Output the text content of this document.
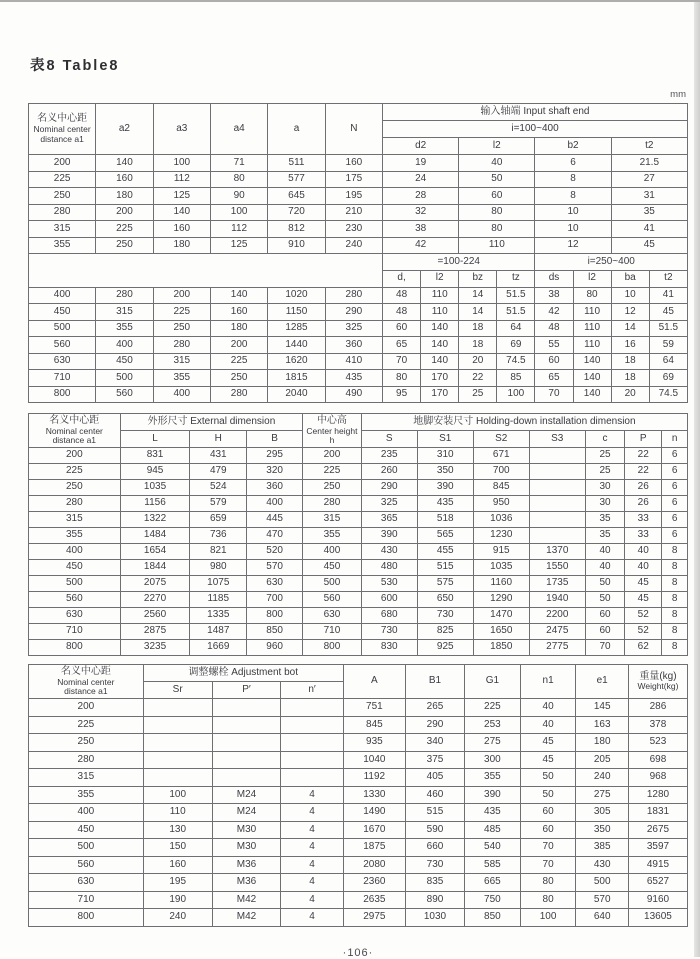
表8 Table8
mm
名义中心距
Nominal center
distance a1	a2	a3	a4	a	N	输入轴端 Input shaft end							
						i=100~400							
						d2		l2		b2		t2	
200	140	100	71	511	160	19		40		6		21.5	
225	160	112	80	577	175	24		50		8		27	
250	180	125	90	645	195	28		60		8		31	
280	200	140	100	720	210	32		80		10		35	
315	225	160	112	812	230	38		80		10		41	
355	250	180	125	910	240	42		110		12		45	
						=100-224				i=250~400			
						d,	l2	bz	tz	ds	l2	ba	t2
400	280	200	140	1020	280	48	110	14	51.5	38	80	10	41
450	315	225	160	1150	290	48	110	14	51.5	42	110	12	45
500	355	250	180	1285	325	60	140	18	64	48	110	14	51.5
560	400	280	200	1440	360	65	140	18	69	55	110	16	59
630	450	315	225	1620	410	70	140	20	74.5	60	140	18	64
710	500	355	250	1815	435	80	170	22	85	65	140	18	69
800	560	400	280	2040	490	95	170	25	100	70	140	20	74.5
名义中心距
Nominal center
distance a1
	外形尺寸 External dimension	中心高
Center height
h
	地脚安装尺寸 Holding-down installation dimension
	L	H	B		S	S1	S2	S3	c	P	n
200	831	431	295	200	235	310	671		25	22	6
225	945	479	320	225	260	350	700		25	22	6
250	1035	524	360	250	290	390	845		30	26	6
280	1156	579	400	280	325	435	950		30	26	6
315	1322	659	445	315	365	518	1036		35	33	6
355	1484	736	470	355	390	565	1230		35	33	6
400	1654	821	520	400	430	455	915	1370	40	40	8
450	1844	980	570	450	480	515	1035	1550	40	40	8
500	2075	1075	630	500	530	575	1160	1735	50	45	8
560	2270	1185	700	560	600	650	1290	1940	50	45	8
630	2560	1335	800	630	680	730	1470	2200	60	52	8
710	2875	1487	850	710	730	825	1650	2475	60	52	8
800	3235	1669	960	800	830	925	1850	2775	70	62	8
名义中心距
Nominal center
distance a1
	调整螺栓 Adjustment bot	A	B1	G1	n1	e1	重量(kg)
Weight(kg)

	Sr	P′	n′						
200				751	265	225	40	145	286
225				845	290	253	40	163	378
250				935	340	275	45	180	523
280				1040	375	300	45	205	698
315				1192	405	355	50	240	968
355	100	M24	4	1330	460	390	50	275	1280
400	110	M24	4	1490	515	435	60	305	1831
450	130	M30	4	1670	590	485	60	350	2675
500	150	M30	4	1875	660	540	70	385	3597
560	160	M36	4	2080	730	585	70	430	4915
630	195	M36	4	2360	835	665	80	500	6527
710	190	M42	4	2635	890	750	80	570	9160
800	240	M42	4	2975	1030	850	100	640	13605
·106·
